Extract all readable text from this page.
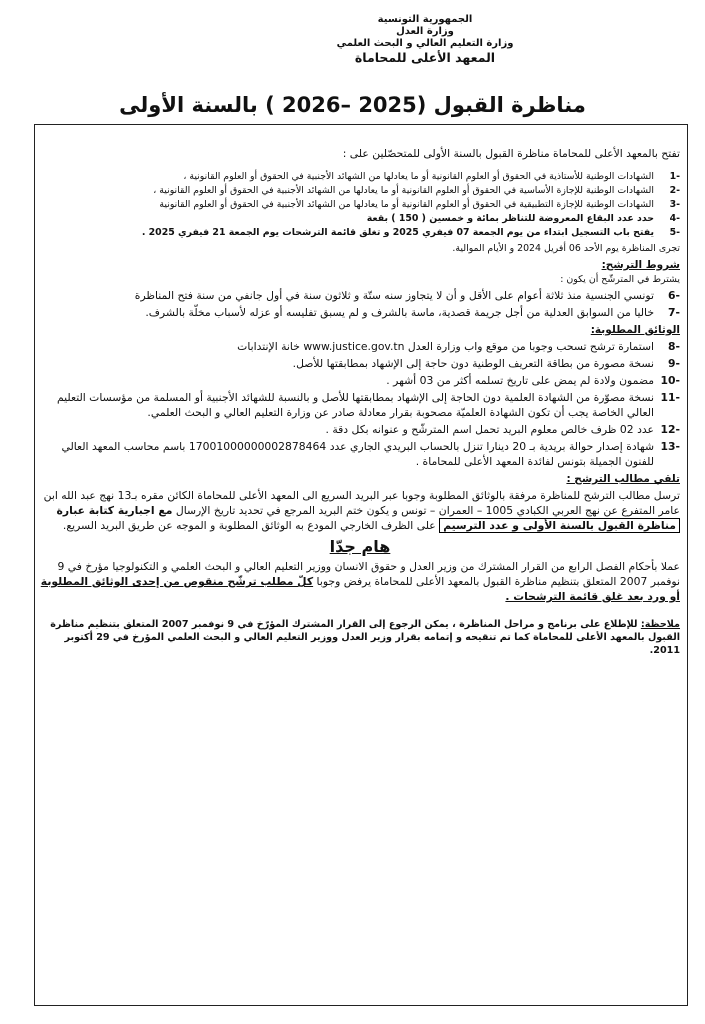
الجمهورية التونسية
وزارة العدل
وزارة التعليم العالي و البحث العلمي
المعهد الأعلى للمحاماة
مناظرة القبول (2025 –2026 ) بالسنة الأولى

تفتح بالمعهد الأعلى للمحاماة مناظرة القبول بالسنة الأولى للمتحصّلين على :

-1
الشهادات الوطنية للأستاذية في الحقوق أو العلوم القانونية أو ما يعادلها من الشهائد الأجنبية في الحقوق أو العلوم القانونية ،
-2
الشهادات الوطنية للإجازة الأساسية في الحقوق أو العلوم القانونية أو ما يعادلها من الشهائد الأجنبية في الحقوق أو العلوم القانونية ،
-3
الشهادات الوطنية للإجازة التطبيقية في الحقوق أو العلوم القانونية أو ما يعادلها من الشهائد الأجنبية في الحقوق أو العلوم القانونية
-4
حدد عدد البقاع المعروضة للتناظر بمائة و خمسين ( 150 ) بقعة
-5
يفتح باب التسجيل ابتداء من يوم الجمعة 07 فيفري 2025 و تغلق قائمة الترشحات يوم الجمعة 21 فيفري 2025 .

تجرى المناظرة يوم الأحد 06 أفريل 2024 و الأيام الموالية.

شروط الترشح:

يشترط في المترشّح أن يكون :

-6
تونسي الجنسية منذ ثلاثة أعوام على الأقل و أن لا يتجاوز سنه ستّة و ثلاثون سنة في أول جانفي من سنة فتح المناظرة
-7
خاليا من السوابق العدلية من أجل جريمة قصدية، ماسة بالشرف و لم يسبق تفليسه أو عزله لأسباب مخلّة بالشرف.
الوثائق المطلوبة:
-8
استمارة ترشح تسحب وجوبا من موقع واب وزارة العدل www.justice.gov.tn خانة الإنتدابات
-9
نسخة مصورة من بطاقة التعريف الوطنية دون حاجة إلى الإشهاد بمطابقتها للأصل.
-10
مضمون ولادة لم يمض على تاريخ تسلمه أكثر من 03 أشهر .
-11
نسخة مصوّرة من الشهادة العلمية دون الحاجة إلى الإشهاد بمطابقتها للأصل و بالنسبة للشهائد الأجنبية أو المسلمة من مؤسسات التعليم العالي الخاصة يجب أن تكون الشهادة العلميّة مصحوبة بقرار معادلة صادر عن وزارة التعليم العالي و البحث العلمي.
-12
عدد 02 ظرف خالص معلوم البريد تحمل اسم المترشّح و عنوانه بكل دقة .
-13
شهادة إصدار حوالة بريدية بـ 20 دينارا تنزل بالحساب البريدي الجاري عدد 17001000000002878464 باسم محاسب المعهد العالي للفنون الجميلة بتونس لفائدة المعهد الأعلى للمحاماة .
تلقي مطالب الترشح :

ترسل مطالب الترشح للمناظرة مرفقة بالوثائق المطلوبة وجوبا عبر البريد السريع الى المعهد الأعلى للمحاماة الكائن مقره بـ13 نهج عبد الله ابن عامر المتفرع عن نهج العربي الكبادي 1005 – العمران – تونس و يكون ختم البريد المرجع في تحديد تاريخ الإرسال مع اجبارية كتابة عبارة مناظرة القبول بالسنة الأولى و عدد الترسيم على الظرف الخارجي المودع به الوثائق المطلوبة و الموجه عن طريق البريد السريع.

هام جدّا

عملا بأحكام الفصل الرابع من القرار المشترك من وزير العدل و حقوق الانسان ووزير التعليم العالي و البحث العلمي و التكنولوجيا مؤرخ في 9 نوفمبر 2007 المتعلق بتنظيم مناظرة القبول بالمعهد الأعلى للمحاماة يرفض وجوبا كلّ مطلب ترشّح منقوص من إحدى الوثائق المطلوبة أو ورد بعد غلق قائمة الترشحات .

ملاحظة: للإطلاع على برنامج و مراحل المناظرة ، يمكن الرجوع إلى القرار المشترك المؤرّخ في 9 نوفمبر 2007 المتعلق بتنظيم مناظرة القبول بالمعهد الأعلى للمحاماة كما تم تنقيحه و إتمامه بقرار وزير العدل ووزير التعليم العالي و البحث العلمي المؤرخ في 29 أكتوبر 2011.
